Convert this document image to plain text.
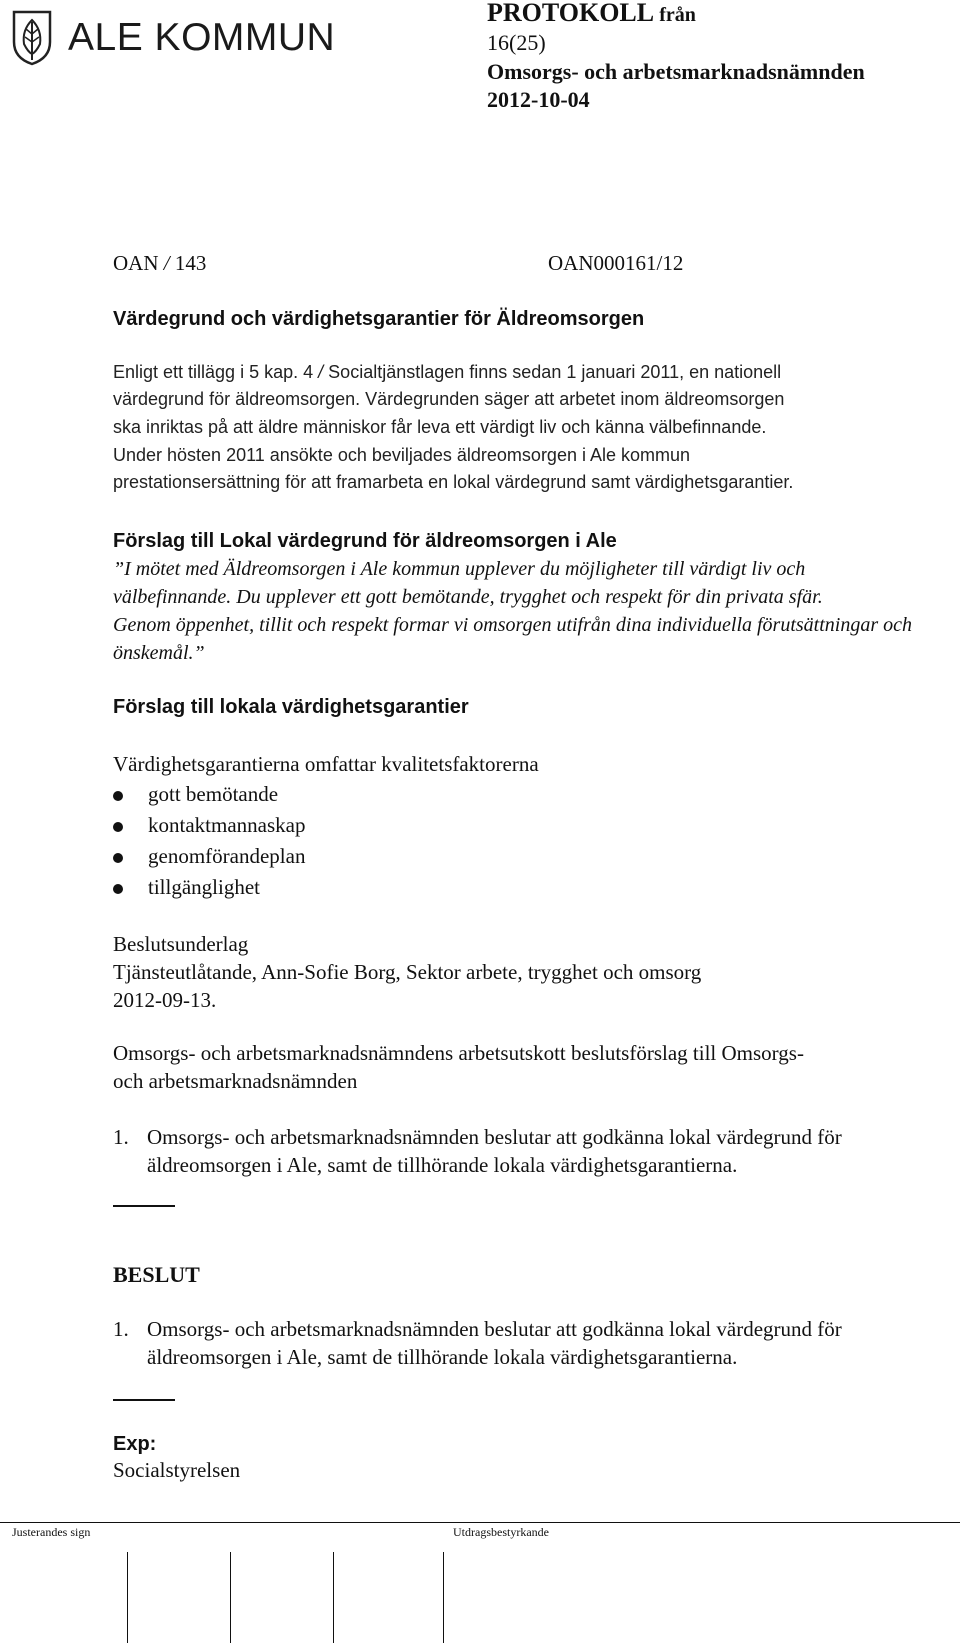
ALE KOMMUN
PROTOKOLL från
16(25)
Omsorgs- och arbetsmarknadsnämnden
2012-10-04
OAN / 143	OAN000161/12
Värdegrund och värdighetsgarantier för Äldreomsorgen
Enligt ett tillägg i 5 kap. 4 / Socialtjänstlagen finns sedan 1 januari 2011, en nationell
värdegrund för äldreomsorgen. Värdegrunden säger att arbetet inom äldreomsorgen
ska inriktas på att äldre människor får leva ett värdigt liv och känna välbefinnande.
Under hösten 2011 ansökte och beviljades äldreomsorgen i Ale kommun
prestationsersättning för att framarbeta en lokal värdegrund samt värdighetsgarantier.
Förslag till Lokal värdegrund för äldreomsorgen i Ale
”I mötet med Äldreomsorgen i Ale kommun upplever du möjligheter till värdigt liv och
välbefinnande. Du upplever ett gott bemötande, trygghet och respekt för din privata sfär.
Genom öppenhet, tillit och respekt formar vi omsorgen utifrån dina individuella förutsättningar och
önskemål.”
Förslag till lokala värdighetsgarantier
Värdighetsgarantierna omfattar kvalitetsfaktorerna
gott bemötande
kontaktmannaskap
genomförandeplan
tillgänglighet
Beslutsunderlag
Tjänsteutlåtande, Ann-Sofie Borg, Sektor arbete, trygghet och omsorg
2012-09-13.
Omsorgs- och arbetsmarknadsnämndens arbetsutskott beslutsförslag till Omsorgs-
och arbetsmarknadsnämnden
1. Omsorgs- och arbetsmarknadsnämnden beslutar att godkänna lokal värdegrund för
äldreomsorgen i Ale, samt de tillhörande lokala värdighetsgarantierna.
BESLUT
1. Omsorgs- och arbetsmarknadsnämnden beslutar att godkänna lokal värdegrund för
äldreomsorgen i Ale, samt de tillhörande lokala värdighetsgarantierna.
Exp:
Socialstyrelsen
Justerandes sign	Utdragsbestyrkande
